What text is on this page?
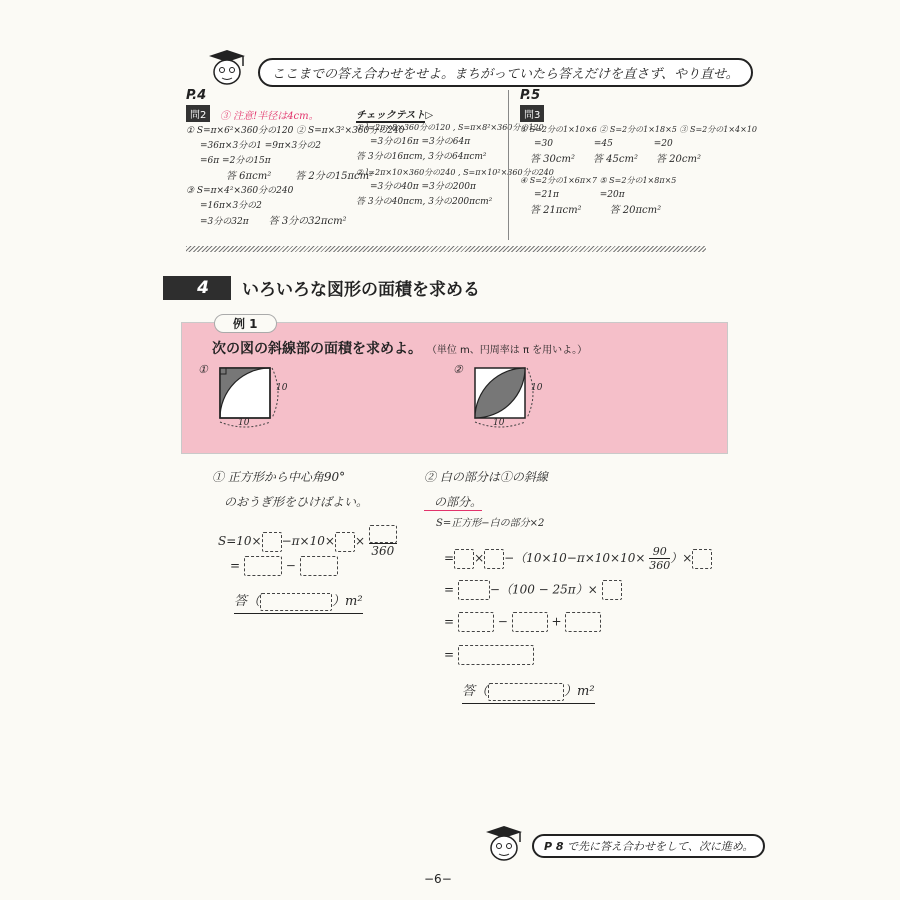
ここまでの答え合わせをせよ。まちがっていたら答えだけを直さず、やり直せ。
P.4
問2	③ 注意!半径は4cm。
① S=π×6²×360分の120 ② S=π×3²×360分の240
=36π×3分の1 =9π×3分の2
=6π =2分の15π
答 6πcm² 答 2分の15πcm²
③ S=π×4²×360分の240
=16π×3分の2
=3分の32π 答 3分の32πcm²
チェックテスト▷
① l=2π×8×360分の120 , S=π×8²×360分の120
=3分の16π =3分の64π
答 3分の16πcm, 3分の64πcm²
② l=2π×10×360分の240 , S=π×10²×360分の240
=3分の40π =3分の200π
答 3分の40πcm, 3分の200πcm²
P.5
問3
① S=2分の1×10×6 ② S=2分の1×18×5 ③ S=2分の1×4×10
=30 =45 =20
答 30cm² 答 45cm² 答 20cm²
④ S=2分の1×6π×7 ⑤ S=2分の1×8π×5
=21π =20π
答 21πcm²	答 20πcm²
4	いろいろな図形の面積を求める
例 1
次の図の斜線部の面積を求めよ。 （単位 m、円周率は π を用いよ。）
①
10
10
②
10
10
① 正方形から中心角90°
のおうぎ形をひけばよい。
S=10× −π×10× ×
360
=	−
答（	）m²
② 白の部分は①の斜線
の部分。
S=正方形−白の部分×2
= × $-(10\times 10-\pi\times 10\times 10\times \frac{90}{360}$ ）×
=	−（100 − 25π）×
=	−	+
=
答（	）m²
P 8 で先に答え合わせをして、次に進め。
−6−
